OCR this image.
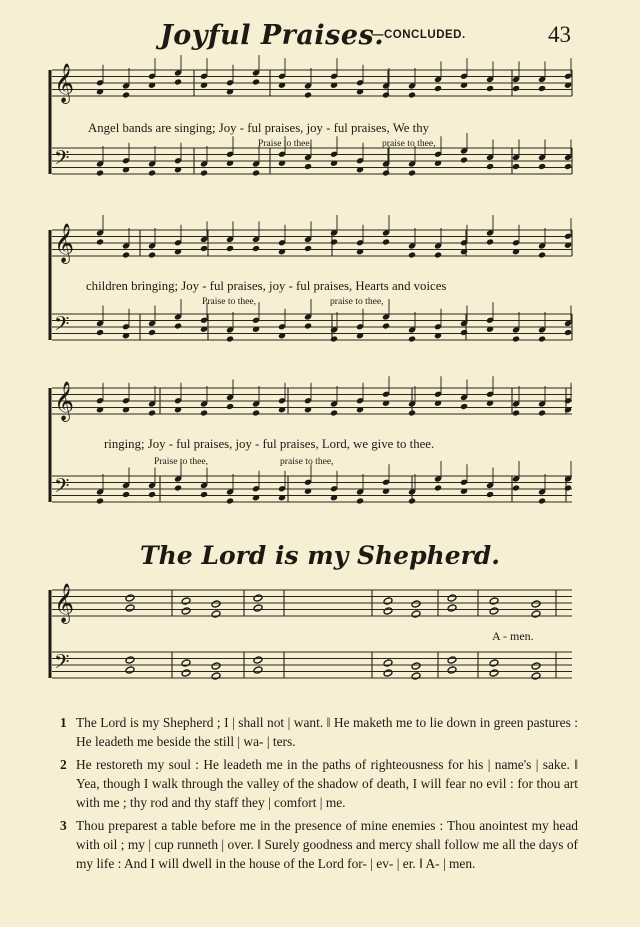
Joyful Praises.
—CONCLUDED.	43
𝄞
𝄢
Angel bands are singing; Joy - ful praises, joy - ful praises, We thy
Praise to thee,	praise to thee,
𝄞
𝄢
children bringing; Joy - ful praises, joy - ful praises, Hearts and voices
Praise to thee,	praise to thee,
𝄞
𝄢
ringing; Joy - ful praises, joy - ful praises, Lord, we give to thee.
Praise to thee,	praise to thee,
The Lord is my Shepherd.
𝄞
𝄢
A - men.
1 The Lord is my Shepherd ; I | shall not | want. ‖ He maketh me to lie down in green pastures : He leadeth me beside the still | wa- | ters.
2 He restoreth my soul : He leadeth me in the paths of righteousness for his | name's | sake. ‖ Yea, though I walk through the valley of the shadow of death, I will fear no evil : for thou art with me ; thy rod and thy staff they | comfort | me.
3 Thou preparest a table before me in the presence of mine enemies : Thou anointest my head with oil ; my | cup runneth | over. ‖ Surely goodness and mercy shall follow me all the days of my life : And I will dwell in the house of the Lord for- | ev- | er. ‖ A- | men.
